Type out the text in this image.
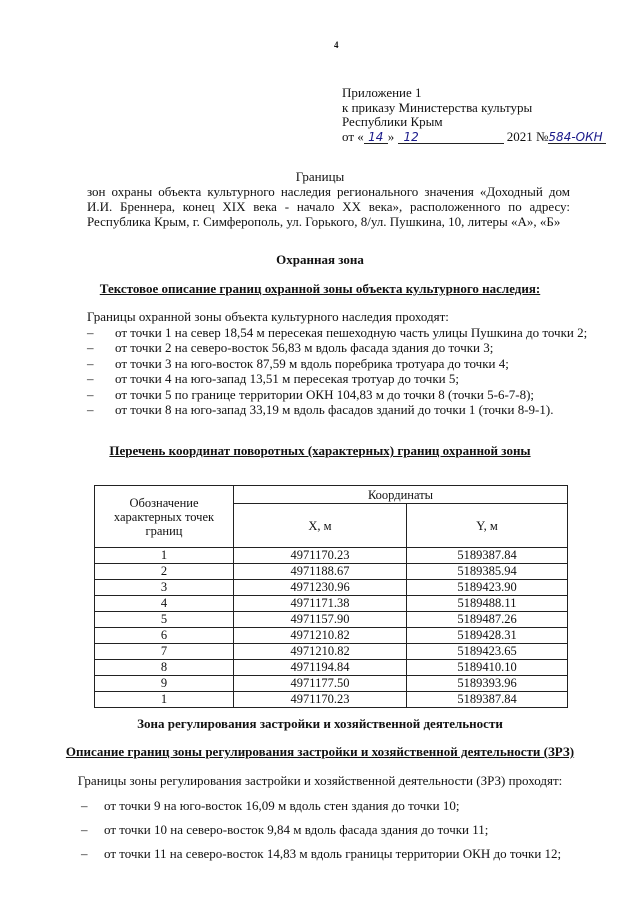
4
Приложение 1
к приказу Министерства культуры
Республики Крым
от « 14 » 12	2021 №584-ОКН
Границы
зон охраны объекта культурного наследия регионального значения «Доходный дом И.И. Бреннера, конец XIX века - начало XX века», расположенного по адресу: Республика Крым, г. Симферополь, ул. Горького, 8/ул. Пушкина, 10, литеры «А», «Б»
Охранная зона
Текстовое описание границ охранной зоны объекта культурного наследия:
Границы охранной зоны объекта культурного наследия проходят:
– от точки 1 на север 18,54 м пересекая пешеходную часть улицы Пушкина до точки 2;
– от точки 2 на северо-восток 56,83 м вдоль фасада здания до точки 3;
– от точки 3 на юго-восток 87,59 м вдоль поребрика тротуара до точки 4;
– от точки 4 на юго-запад 13,51 м пересекая тротуар до точки 5;
– от точки 5 по границе территории ОКН 104,83 м до точки 8 (точки 5-6-7-8);
– от точки 8 на юго-запад 33,19 м вдоль фасадов зданий до точки 1 (точки 8-9-1).
Перечень координат поворотных (характерных) границ охранной зоны
Обозначение характерных точек границ	Координаты	
	X, м	Y, м
1	4971170.23	5189387.84
2	4971188.67	5189385.94
3	4971230.96	5189423.90
4	4971171.38	5189488.11
5	4971157.90	5189487.26
6	4971210.82	5189428.31
7	4971210.82	5189423.65
8	4971194.84	5189410.10
9	4971177.50	5189393.96
1	4971170.23	5189387.84
Зона регулирования застройки и хозяйственной деятельности
Описание границ зоны регулирования застройки и хозяйственной деятельности (ЗРЗ)
Границы зоны регулирования застройки и хозяйственной деятельности (ЗРЗ) проходят:
– от точки 9 на юго-восток 16,09 м вдоль стен здания до точки 10;
– от точки 10 на северо-восток 9,84 м вдоль фасада здания до точки 11;
– от точки 11 на северо-восток 14,83 м вдоль границы территории ОКН до точки 12;
